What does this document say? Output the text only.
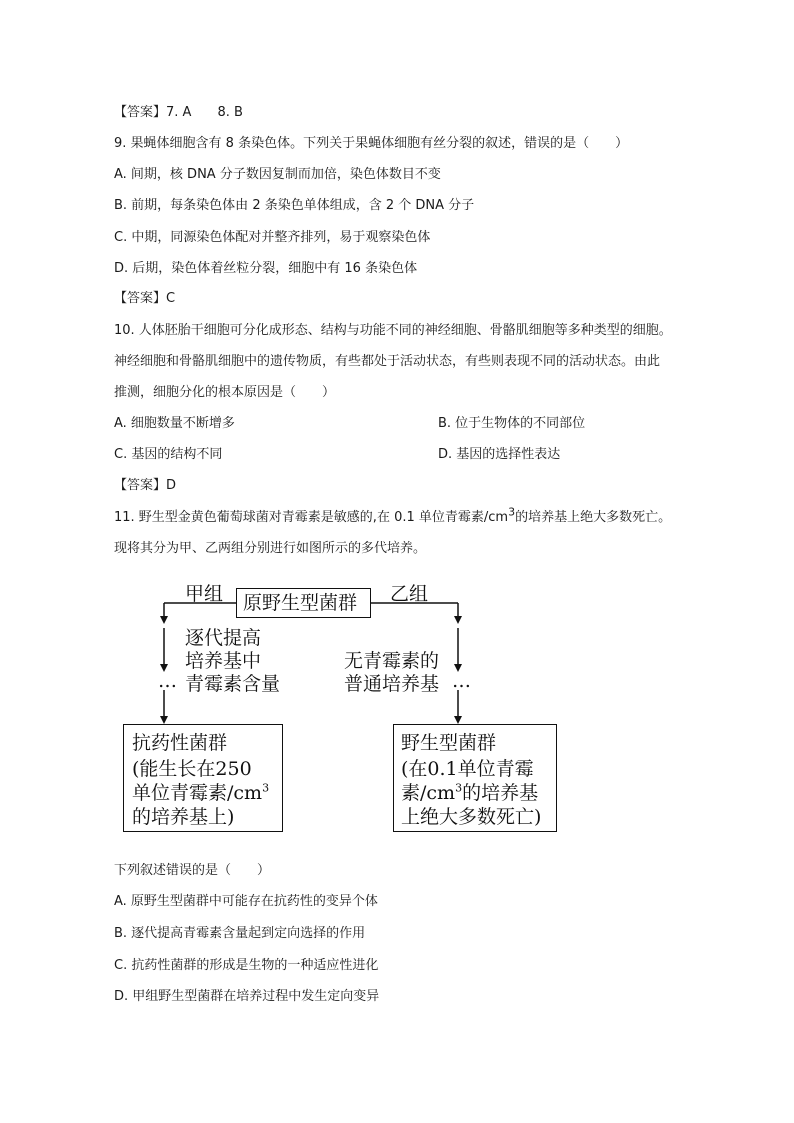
【答案】7. A　　8. B
9. 果蝇体细胞含有 8 条染色体。下列关于果蝇体细胞有丝分裂的叙述，错误的是（　　）
A. 间期，核 DNA 分子数因复制而加倍，染色体数目不变
B. 前期，每条染色体由 2 条染色单体组成，含 2 个 DNA 分子
C. 中期，同源染色体配对并整齐排列，易于观察染色体
D. 后期，染色体着丝粒分裂，细胞中有 16 条染色体
【答案】C
10. 人体胚胎干细胞可分化成形态、结构与功能不同的神经细胞、骨骼肌细胞等多种类型的细胞。
神经细胞和骨骼肌细胞中的遗传物质，有些都处于活动状态，有些则表现不同的活动状态。由此
推测，细胞分化的根本原因是（　　）
A. 细胞数量不断增多	B. 位于生物体的不同部位
C. 基因的结构不同	D. 基因的选择性表达
【答案】D
11. 野生型金黄色葡萄球菌对青霉素是敏感的,在 0.1 单位青霉素$/cm^3$的培养基上绝大多数死亡。
现将其分为甲、乙两组分别进行如图所示的多代培养。
原野生型菌群
甲组	乙组
逐代提高
培养基中
青霉素含量
无青霉素的
普通培养基
…	…
抗药性菌群
(能生长在250
单位青霉素$/cm^3$
的培养基上)
野生型菌群
(在0.1单位青霉
素$/cm^3$的培养基
上绝大多数死亡)
下列叙述错误的是（　　）
A. 原野生型菌群中可能存在抗药性的变异个体
B. 逐代提高青霉素含量起到定向选择的作用
C. 抗药性菌群的形成是生物的一种适应性进化
D. 甲组野生型菌群在培养过程中发生定向变异
